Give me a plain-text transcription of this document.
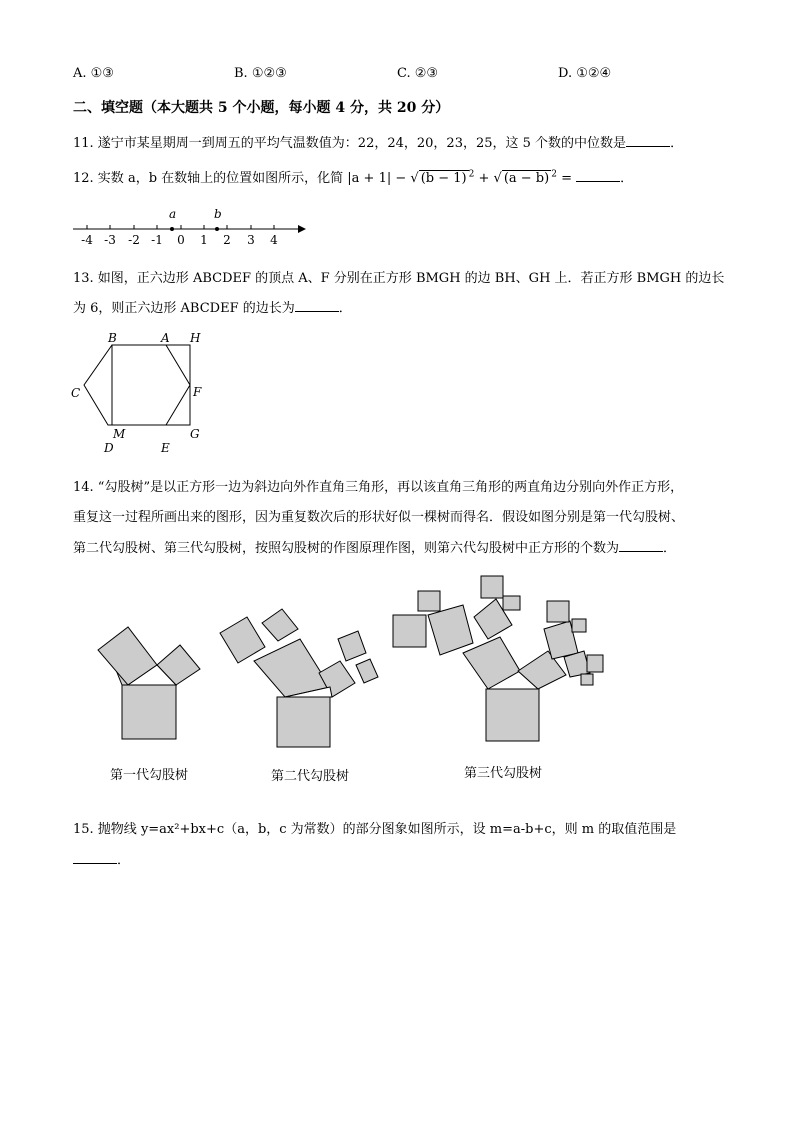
A. ①③	B. ①②③	C. ②③	D. ①②④
二、填空题（本大题共 5 个小题，每小题 4 分，共 20 分）
11. 遂宁市某星期周一到周五的平均气温数值为：22，24，20，23，25，这 5 个数的中位数是	．
12. 实数 a，b 在数轴上的位置如图所示，化简 |a + 1| − √ (b − 1) $^2$ + √ (a − b) $^2$ =	．
a	b
-4 -3 -2 -1 0 1 2 3 4
13. 如图，正六边形 ABCDEF 的顶点 A、F 分别在正方形 BMGH 的边 BH、GH 上．若正方形 BMGH 的边长
为 6，则正六边形 ABCDEF 的边长为	．
B	A H
C	F
M	G
D	E
14. “勾股树”是以正方形一边为斜边向外作直角三角形，再以该直角三角形的两直角边分别向外作正方形，
重复这一过程所画出来的图形，因为重复数次后的形状好似一棵树而得名．假设如图分别是第一代勾股树、
第二代勾股树、第三代勾股树，按照勾股树的作图原理作图，则第六代勾股树中正方形的个数为	．
第一代勾股树	第二代勾股树	第三代勾股树
15. 抛物线 y=ax²+bx+c（a，b，c 为常数）的部分图象如图所示，设 m=a-b+c，则 m 的取值范围是
．
